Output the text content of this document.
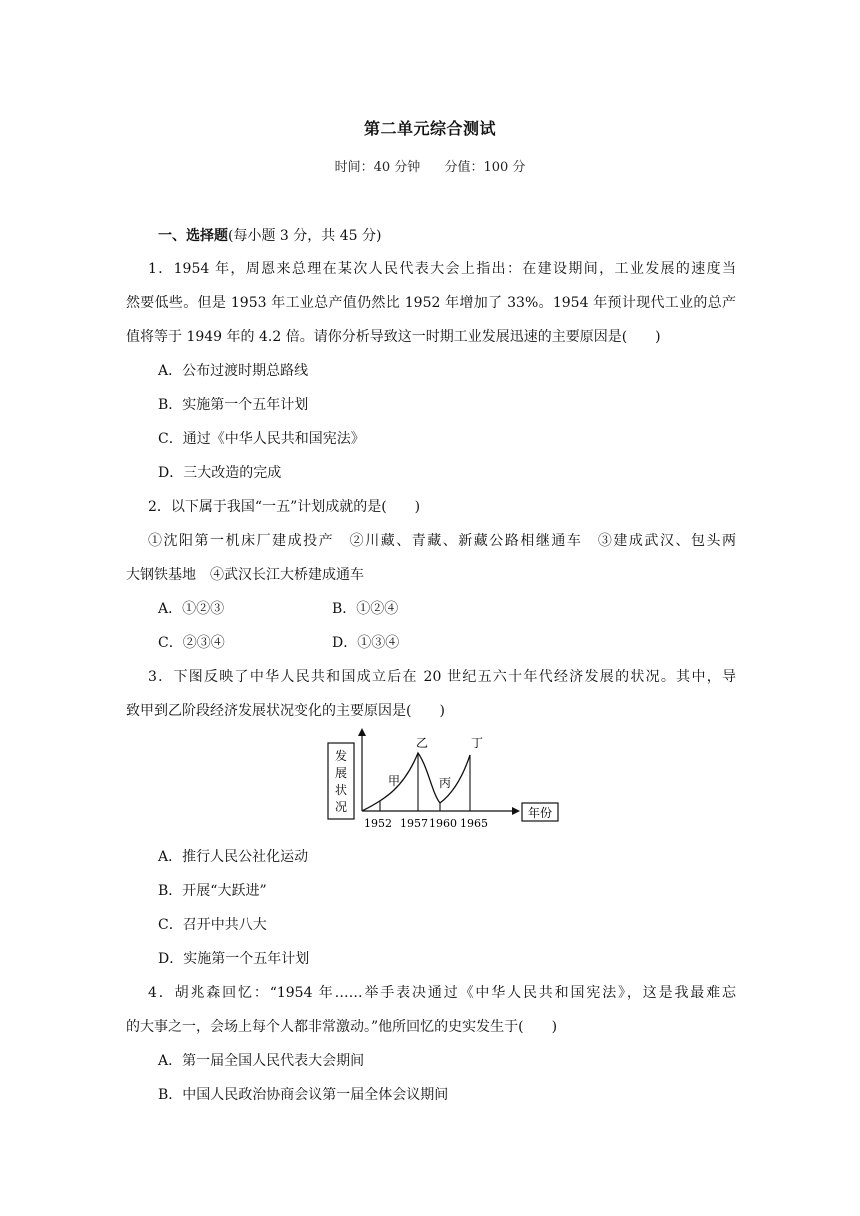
第二单元综合测试
时间：40 分钟 分值：100 分
一、选择题(每小题 3 分，共 45 分)
1．1954 年，周恩来总理在某次人民代表大会上指出：在建设期间，工业发展的速度当
然要低些。但是 1953 年工业总产值仍然比 1952 年增加了 33%。1954 年预计现代工业的总产
值将等于 1949 年的 4.2 倍。请你分析导致这一时期工业发展迅速的主要原因是(　　)
A．公布过渡时期总路线
B．实施第一个五年计划
C．通过《中华人民共和国宪法》
D．三大改造的完成
2．以下属于我国“一五”计划成就的是(　　)
①沈阳第一机床厂建成投产　②川藏、青藏、新藏公路相继通车　③建成武汉、包头两
大钢铁基地　④武汉长江大桥建成通车
A．①②③	B．①②④
C．②③④	D．①③④
3．下图反映了中华人民共和国成立后在 20 世纪五六十年代经济发展的状况。其中，导
致甲到乙阶段经济发展状况变化的主要原因是(　　)
发
展
状
况	年份
甲
乙
丙
丁
1952 1957 1960 1965
A．推行人民公社化运动
B．开展“大跃进”
C．召开中共八大
D．实施第一个五年计划
4．胡兆森回忆：“1954 年……举手表决通过《中华人民共和国宪法》，这是我最难忘
的大事之一，会场上每个人都非常激动。”他所回忆的史实发生于(　　)
A．第一届全国人民代表大会期间
B．中国人民政治协商会议第一届全体会议期间
